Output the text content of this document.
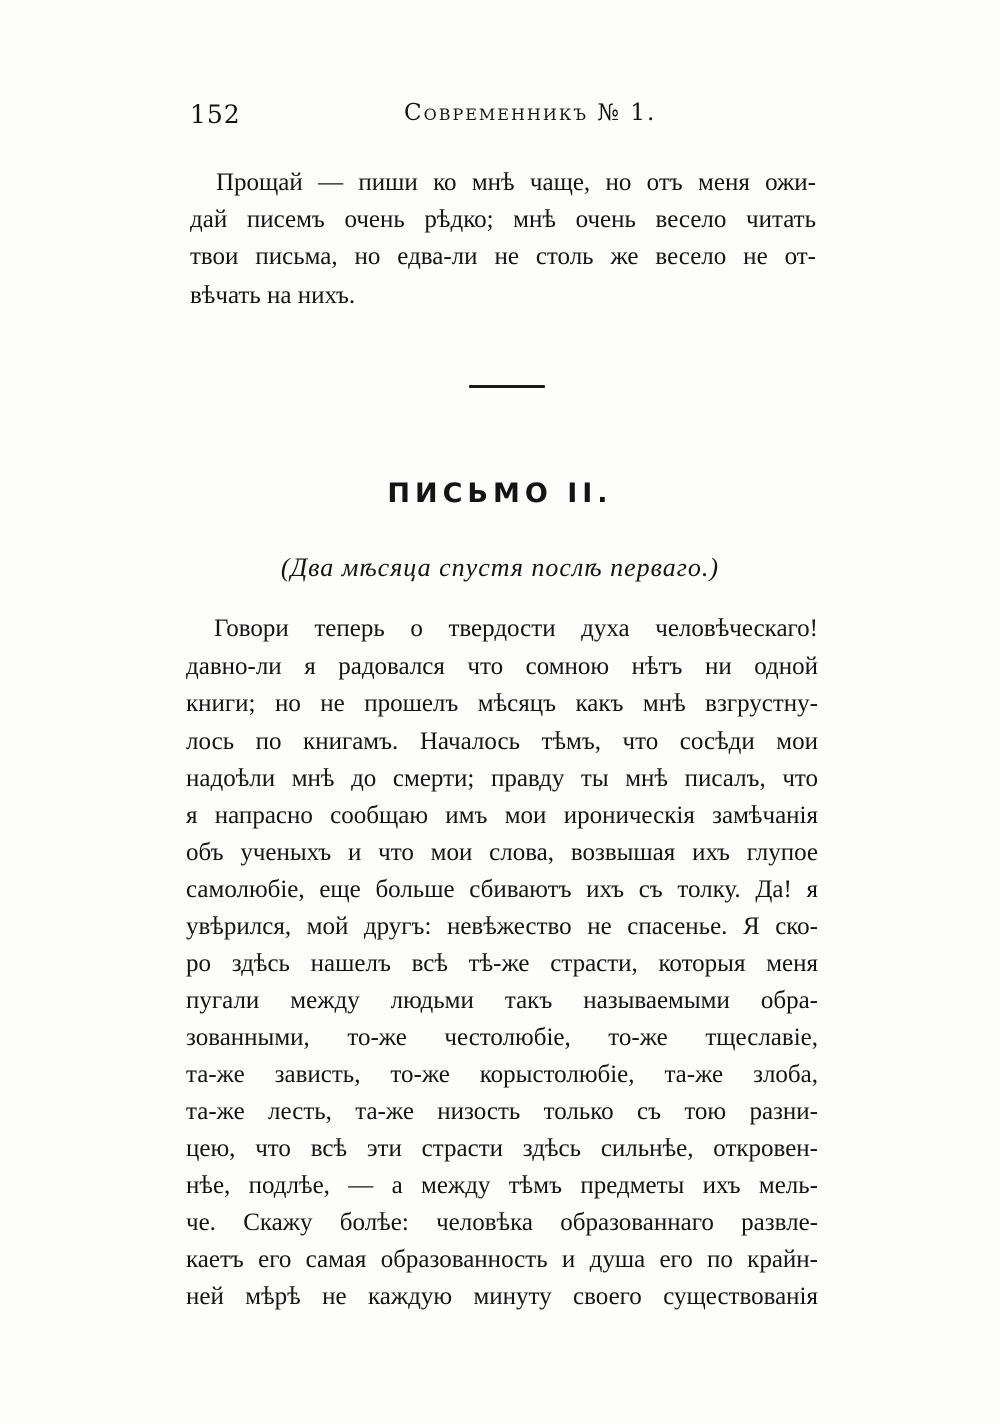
152	Современникъ № 1.
Прощай — пиши ко мнѣ чаще, но отъ меня ожи-
дай писемъ очень рѣдко; мнѣ очень весело читать
твои письма, но едва-ли не столь же весело не от-
вѣчать на нихъ.
ПИСЬМО II.
(Два мѣсяца спустя послѣ перваго.)
Говори теперь о твердости духа человѣческаго!
давно-ли я радовался что сомною нѣтъ ни одной
книги; но не прошелъ мѣсяцъ какъ мнѣ взгрустну-
лось по книгамъ. Началось тѣмъ, что сосѣди мои
надоѣли мнѣ до смерти; правду ты мнѣ писалъ, что
я напрасно сообщаю имъ мои ироническія замѣчанія
объ ученыхъ и что мои слова, возвышая ихъ глупое
самолюбіе, еще больше сбиваютъ ихъ съ толку. Да! я
увѣрился, мой другъ: невѣжество не спасенье. Я ско-
ро здѣсь нашелъ всѣ тѣ-же страсти, которыя меня
пугали между людьми такъ называемыми обра-
зованными, то-же честолюбіе, то-же тщеславіе,
та-же зависть, то-же корыстолюбіе, та-же злоба,
та-же лесть, та-же низость только съ тою разни-
цею, что всѣ эти страсти здѣсь сильнѣе, откровен-
нѣе, подлѣе, — а между тѣмъ предметы ихъ мель-
че. Скажу болѣе: человѣка образованнаго развле-
каетъ его самая образованность и душа его по крайн-
ней мѣрѣ не каждую минуту своего существованія
